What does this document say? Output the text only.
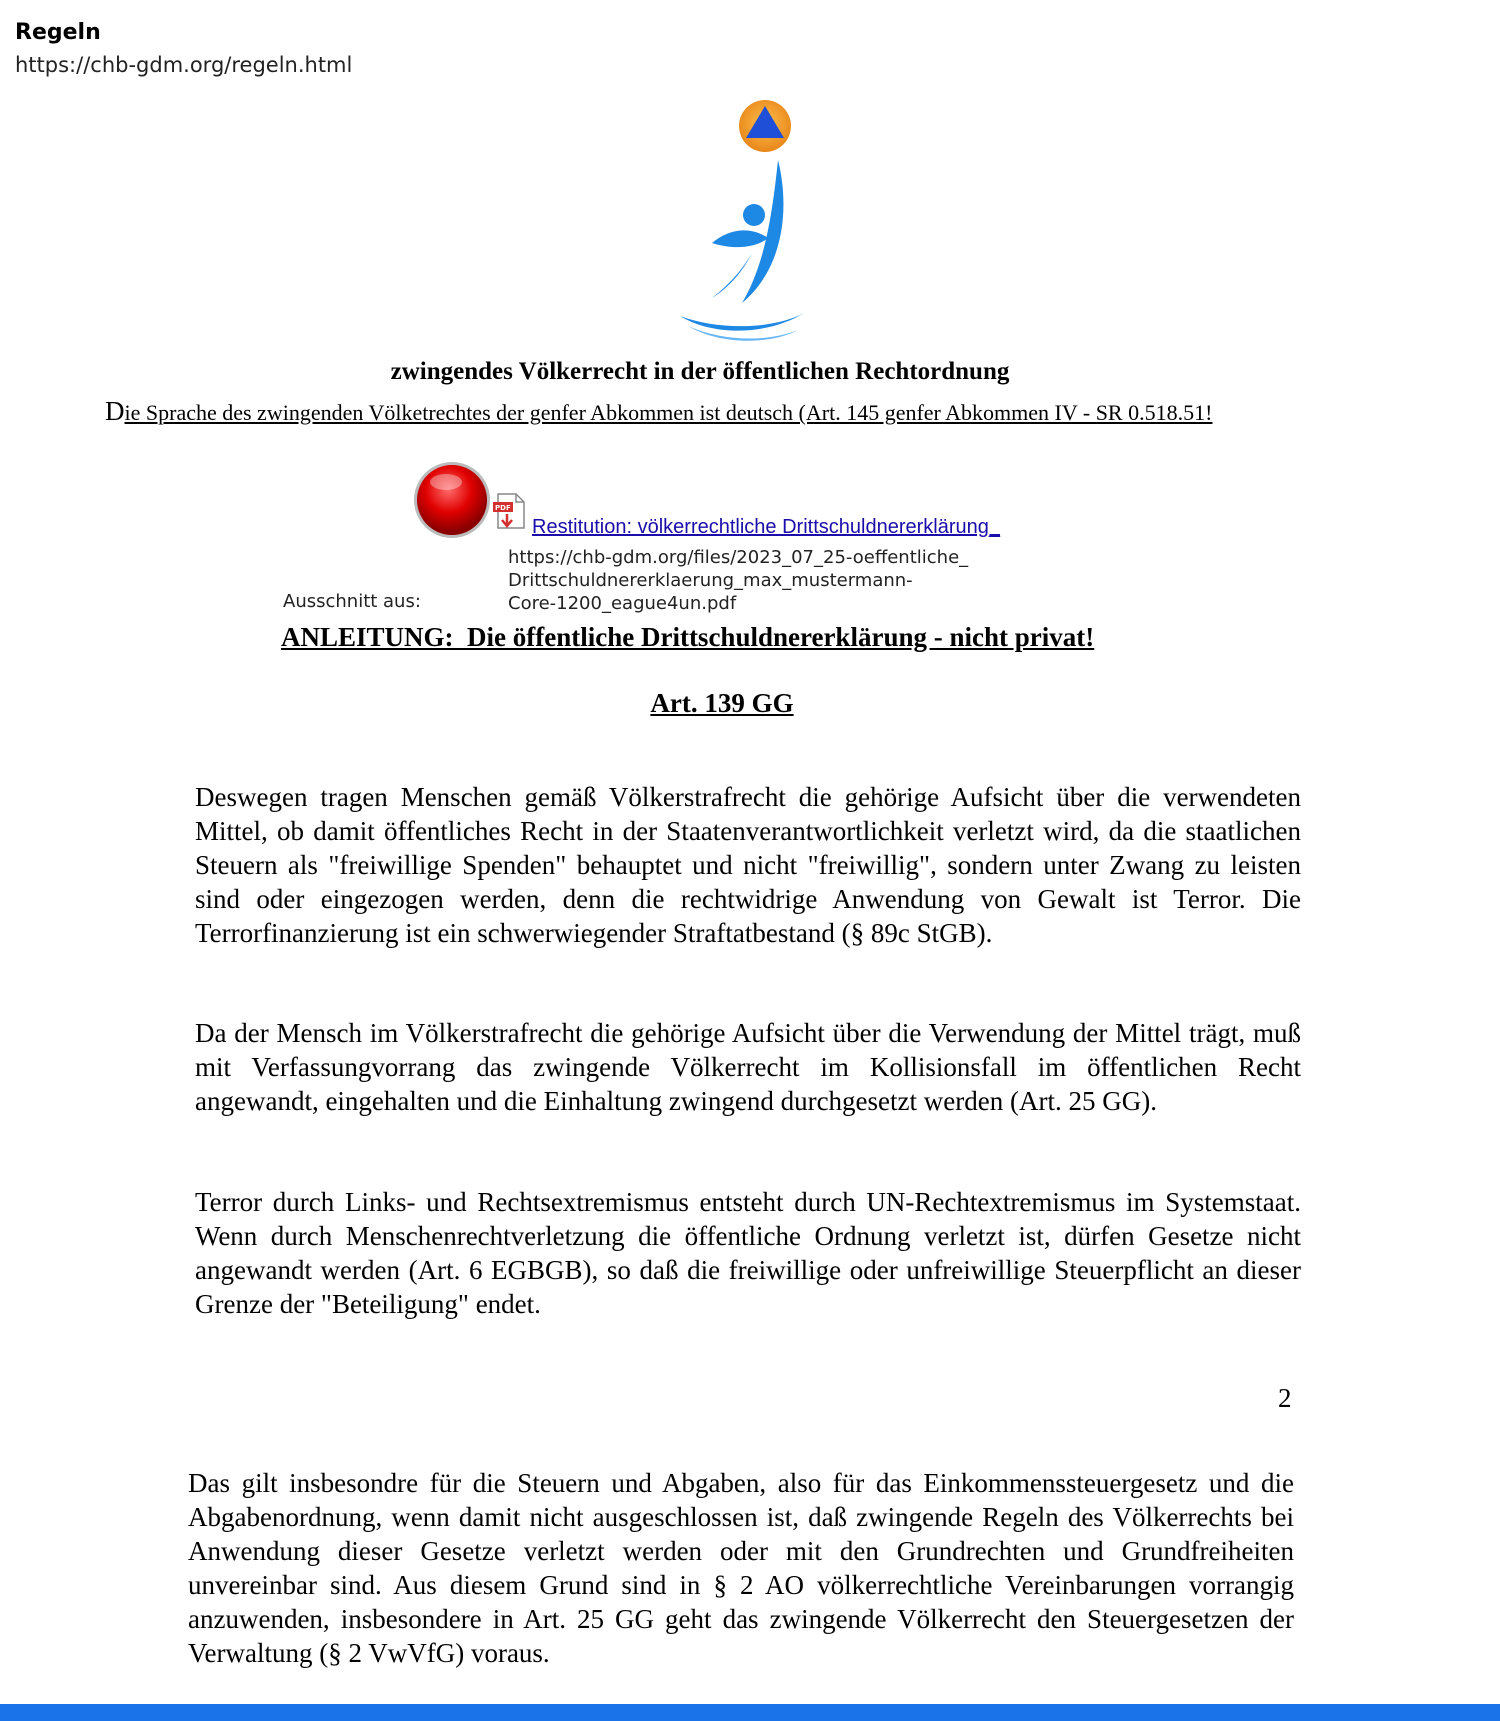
Regeln
https://chb-gdm.org/regeln.html
zwingendes Völkerrecht in der öffentlichen Rechtordnung
Die Sprache des zwingenden Völketrechtes der genfer Abkommen ist deutsch (Art. 145 genfer Abkommen IV - SR 0.518.51!
PDF
Restitution: völkerrechtliche Drittschuldnererklärung_
https://chb-gdm.org/files/2023_07_25-oeffentliche_
Drittschuldnererklaerung_max_mustermann-
Core-1200_eague4un.pdf
Ausschnitt aus:
ANLEITUNG:  Die öffentliche Drittschuldnererklärung - nicht privat!
Art. 139 GG

Deswegen tragen Menschen gemäß Völkerstrafrecht die gehörige Aufsicht über die verwendeten Mittel, ob damit öffentliches Recht in der Staatenverantwortlichkeit verletzt wird, da die staatlichen Steuern als "freiwillige Spenden" behauptet und nicht "freiwillig", sondern unter Zwang zu leisten sind oder eingezogen werden, denn die rechtwidrige Anwendung von Gewalt ist Terror. Die Terrorfinanzierung ist ein schwerwiegender Straftatbestand (§ 89c StGB).

Da der Mensch im Völkerstrafrecht die gehörige Aufsicht über die Verwendung der Mittel trägt, muß mit Verfassungvorrang das zwingende Völkerrecht im Kollisionsfall im öffentlichen Recht angewandt, eingehalten und die Einhaltung zwingend durchgesetzt werden (Art. 25 GG).

Terror durch Links- und Rechtsextremismus entsteht durch UN-Rechtextremismus im Systemstaat. Wenn durch Menschenrechtverletzung die öffentliche Ordnung verletzt ist, dürfen Gesetze nicht angewandt werden (Art. 6 EGBGB), so daß die freiwillige oder unfreiwillige Steuerpflicht an dieser Grenze der "Beteiligung" endet.

2

Das gilt insbesondre für die Steuern und Abgaben, also für das Einkommenssteuergesetz und die Abgabenordnung, wenn damit nicht ausgeschlossen ist, daß zwingende Regeln des Völkerrechts bei Anwendung dieser Gesetze verletzt werden oder mit den Grundrechten und Grundfreiheiten unvereinbar sind. Aus diesem Grund sind in § 2 AO völkerrechtliche Vereinbarungen vorrangig anzuwenden, insbesondere in Art. 25 GG geht das zwingende Völkerrecht den Steuergesetzen der Verwaltung (§ 2 VwVfG) voraus.
